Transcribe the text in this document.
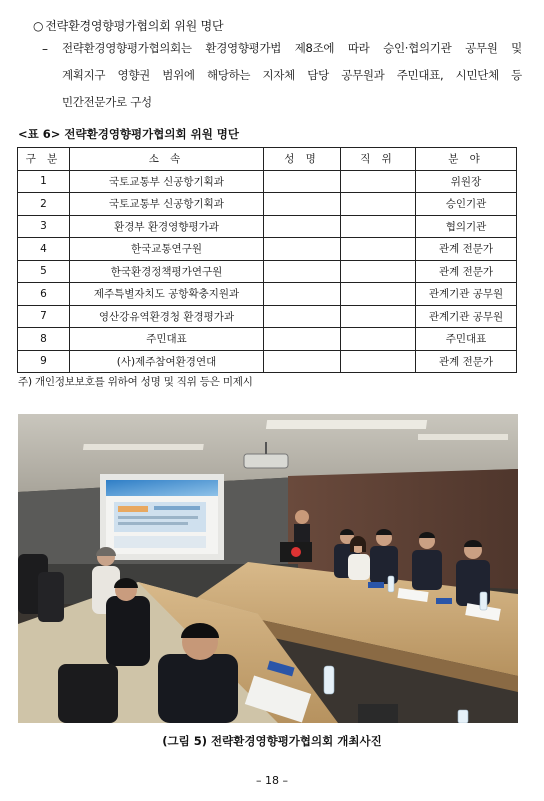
○ 전략환경영향평가협의회 위원 명단
– 전략환경영향평가협의회는 환경영향평가법 제8조에 따라 승인·협의기관 공무원 및
계획지구 영향권 범위에 해당하는 지자체 담당 공무원과 주민대표, 시민단체 등
민간전문가로 구성
<표 6> 전략환경영향평가협의회 위원 명단
구 분	소 속	성 명	직 위	분 야
1	국토교통부 신공항기획과			위원장
2	국토교통부 신공항기획과			승인기관
3	환경부 환경영향평가과			협의기관
4	한국교통연구원			관계 전문가
5	한국환경정책평가연구원			관계 전문가
6	제주특별자치도 공항확충지원과			관계기관 공무원
7	영산강유역환경청 환경평가과			관계기관 공무원
8	주민대표			주민대표
9	(사)제주참여환경연대			관계 전문가
주) 개인정보보호를 위하여 성명 및 직위 등은 미제시
(그림 5) 전략환경영향평가협의회 개최사진
– 18 –
